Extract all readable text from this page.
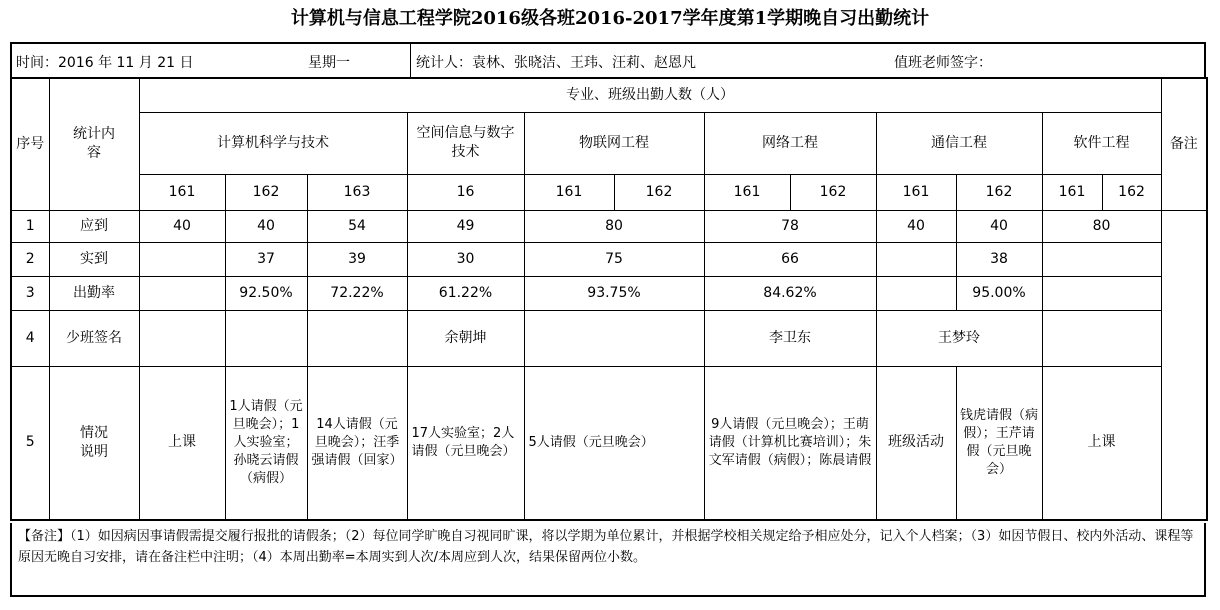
计算机与信息工程学院2016级各班2016-2017学年度第1学期晚自习出勤统计
时间：2016 年 11 月 21 日	星期一	统计人：袁林、张晓洁、王玮、汪莉、赵恩凡	值班老师签字：
序号	统计内容	专业、班级出勤人数（人）												备注
		计算机科学与技术			空间信息与数字技术	物联网工程		网络工程		通信工程		软件工程		
		161	162	163	16	161	162	161	162	161	162	161	162	
1	应到	40	40	54	49	80		78		40	40	80		
2	实到		37	39	30	75		66			38			
3	出勤率		92.50%	72.22%	61.22%	93.75%		84.62%			95.00%			
4	少班签名				余朝坤			李卫东		王梦玲				
5	情况说明	上课	1人请假（元旦晚会）；1人实验室；孙晓云请假（病假）	14人请假（元旦晚会）；汪季强请假（回家）	17人实验室；2人请假（元旦晚会）	5人请假（元旦晚会）		9人请假（元旦晚会）；王萌请假（计算机比赛培训）；朱文军请假（病假）；陈晨请假		班级活动	钱虎请假（病假）；王芹请假（元旦晚会）	上课		
【备注】（1）如因病因事请假需提交履行报批的请假条；（2）每位同学旷晚自习视同旷课，将以学期为单位累计，并根据学校相关规定给予相应处分，记入个人档案；（3）如因节假日、校内外活动、课程等原因无晚自习安排，请在备注栏中注明；（4）本周出勤率=本周实到人次/本周应到人次，结果保留两位小数。
